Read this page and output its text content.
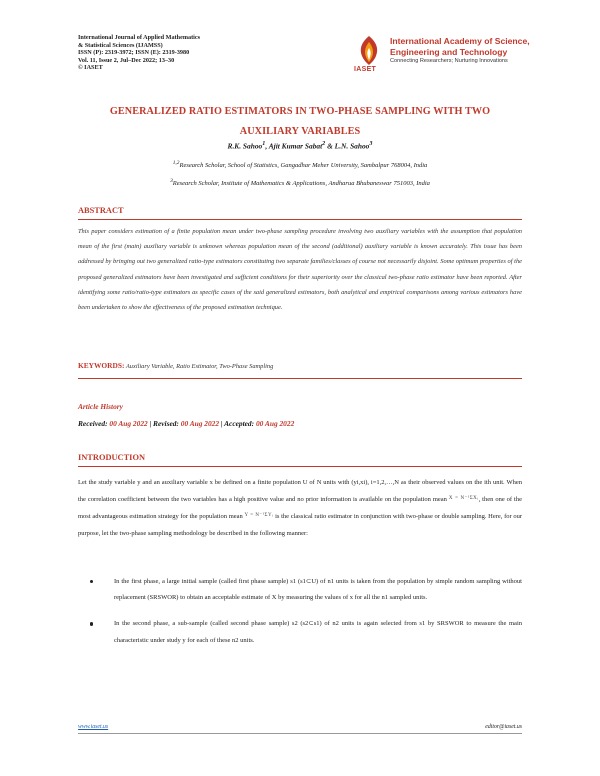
International Journal of Applied Mathematics
& Statistical Sciences (IJAMSS)
ISSN (P): 2319-3972; ISSN (E): 2319-3980
Vol. 11, Issue 2, Jul–Dec 2022; 13–30
© IASET	IASET
International Academy of Science,
Engineering and Technology
Connecting Researchers; Nurturing Innovations
GENERALIZED RATIO ESTIMATORS IN TWO-PHASE SAMPLING WITH TWO
AUXILIARY VARIABLES
R.K. Sahoo$^1$, Ajit Kumar Sabat$^2$ & L.N. Sahoo$^3$
$^{1,2}$Research Scholar, School of Statistics, Gangadhar Meher University, Sambalpur 768004, India
$^3$Research Scholar, Institute of Mathematics & Applications, Andharua Bhubaneswar 751003, India
ABSTRACT
This paper considers estimation of a finite population mean under two-phase sampling procedure involving two auxiliary variables with the assumption that population mean of the first (main) auxiliary variable is unknown whereas population mean of the second (additional) auxiliary variable is known accurately. This issue has been addressed by bringing out two generalized ratio-type estimators constituting two separate families/classes of course not necessarily disjoint. Some optimum properties of the proposed generalized estimators have been investigated and sufficient conditions for their superiority over the classical two-phase ratio estimator have been reported. After identifying some ratio/ratio-type estimators as specific cases of the said generalized estimators, both analytical and empirical comparisons among various estimators have been undertaken to show the effectiveness of the proposed estimation technique.
KEYWORDS: Auxiliary Variable, Ratio Estimator, Two-Phase Sampling
Article History
Received: 00 Aug 2022 | Revised: 00 Aug 2022 | Accepted: 00 Aug 2022
INTRODUCTION
Let the study variable y and an auxiliary variable x be defined on a finite population U of N units with (yi,xi), i=1,2,…,N as their observed values on the ith unit. When the correlation coefficient between the two variables has a high positive value and no prior information is available on the population mean $^{X = N^{-1}\Sigma Xᵢ}$, then one of the most advantageous estimation strategy for the population mean $^{Y = N^{-1}\Sigma Yᵢ}$ is the classical ratio estimator in conjunction with two-phase or double sampling. Here, for our purpose, let the two-phase sampling methodology be described in the following manner:
In the first phase, a large initial sample (called first phase sample) s1 (s1⊂U) of n1 units is taken from the population by simple random sampling without replacement (SRSWOR) to obtain an acceptable estimate of X by measuring the values of x for all the n1 sampled units.
In the second phase, a sub-sample (called second phase sample) s2 (s2⊂s1) of n2 units is again selected from s1 by SRSWOR to measure the main characteristic under study y for each of these n2 units.
www.iaset.us	editor@iaset.us
